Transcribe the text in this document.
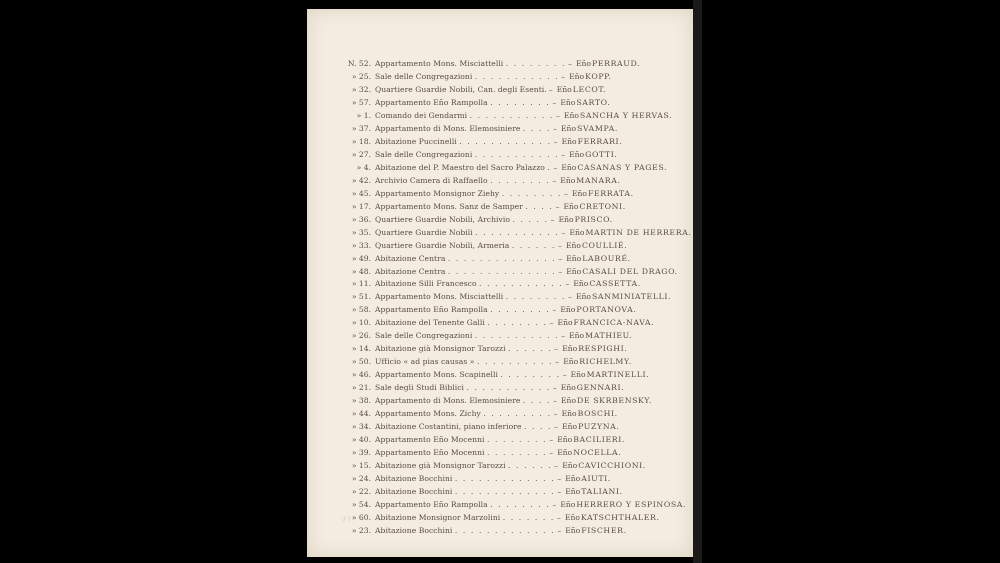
N. 52. Appartamento Mons. Misciattelli . . . . . . . . – Eño PERRAUD.
» 25. Sale delle Congregazioni . . . . . . . . . . . – Eño KOPP.
» 32. Quartiere Guardie Nobili, Can. degli Esenti. – Eño LECOT.
» 57. Appartamento Eño Rampolla . . . . . . . . – Eño SARTO.
» 1. Comando dei Gendarmi . . . . . . . . . . . – Eño SANCHA Y HERVAS.
» 37. Appartamento di Mons. Elemosiniere . . . . – Eño SVAMPA.
» 18. Abitazione Puccinelli . . . . . . . . . . . . – Eño FERRARI.
» 27. Sale delle Congregazioni . . . . . . . . . . . – Eño GOTTI.
» 4. Abitazione del P. Maestro del Sacro Palazzo . – Eño CASANAS Y PAGES.
» 42. Archivio Camera di Raffaello . . . . . . . . – Eño MANARA.
» 45. Appartamento Monsignor Ziehy . . . . . . . . – Eño FERRATA.
» 17. Appartamento Mons. Sanz de Samper . . . . – Eño CRETONI.
» 36. Quartiere Guardie Nobili, Archivio . . . . . – Eño PRISCO.
» 35. Quartiere Guardie Nobili . . . . . . . . . . . – Eño MARTIN DE HERRERA.
» 33. Quartiere Guardie Nobili, Armeria . . . . . . – Eño COULLIÉ.
» 49. Abitazione Centra . . . . . . . . . . . . . . – Eño LABOURÉ.
» 48. Abitazione Centra . . . . . . . . . . . . . . – Eño CASALI DEL DRAGO.
» 11. Abitazione Silli Francesco . . . . . . . . . . . – Eño CASSETTA.
» 51. Appartamento Mons. Misciattelli . . . . . . . . – Eño SANMINIATELLI.
» 58. Appartamento Eño Rampolla . . . . . . . . – Eño PORTANOVA.
» 10. Abitazione del Tenente Galli . . . . . . . . – Eño FRANCICA-NAVA.
» 26. Sale delle Congregazioni . . . . . . . . . . . – Eño MATHIEU.
» 14. Abitazione già Monsignor Tarozzi . . . . . . – Eño RESPIGHI.
» 50. Ufficio « ad pias causas » . . . . . . . . . . – Eño RICHELMY.
» 46. Appartamento Mons. Scapinelli . . . . . . . . – Eño MARTINELLI.
» 21. Sale degli Studi Biblici . . . . . . . . . . . – Eño GENNARI.
» 38. Appartamento di Mons. Elemosiniere . . . . – Eño DE SKRBENSKY.
» 44. Appartamento Mons. Zichy . . . . . . . . . – Eño BOSCHI.
» 34. Abitazione Costantini, piano inferiore . . . . – Eño PUZYNA.
» 40. Appartamento Eño Mocenni . . . . . . . . – Eño BACILIERI.
» 39. Appartamento Eño Mocenni . . . . . . . . – Eño NOCELLA.
» 15. Abitazione già Monsignor Tarozzi . . . . . . – Eño CAVICCHIONI.
» 24. Abitazione Bocchini . . . . . . . . . . . . . – Eño AIUTI.
» 22. Abitazione Bocchini . . . . . . . . . . . . . – Eño TALIANI.
» 54. Appartamento Eño Rampolla . . . . . . . . – Eño HERRERO Y ESPINOSA.
» 60. Abitazione Monsignor Marzolini . . . . . . . – Eño KATSCHTHALER.
» 23. Abitazione Bocchini . . . . . . . . . . . . . – Eño FISCHER.
·/ )
